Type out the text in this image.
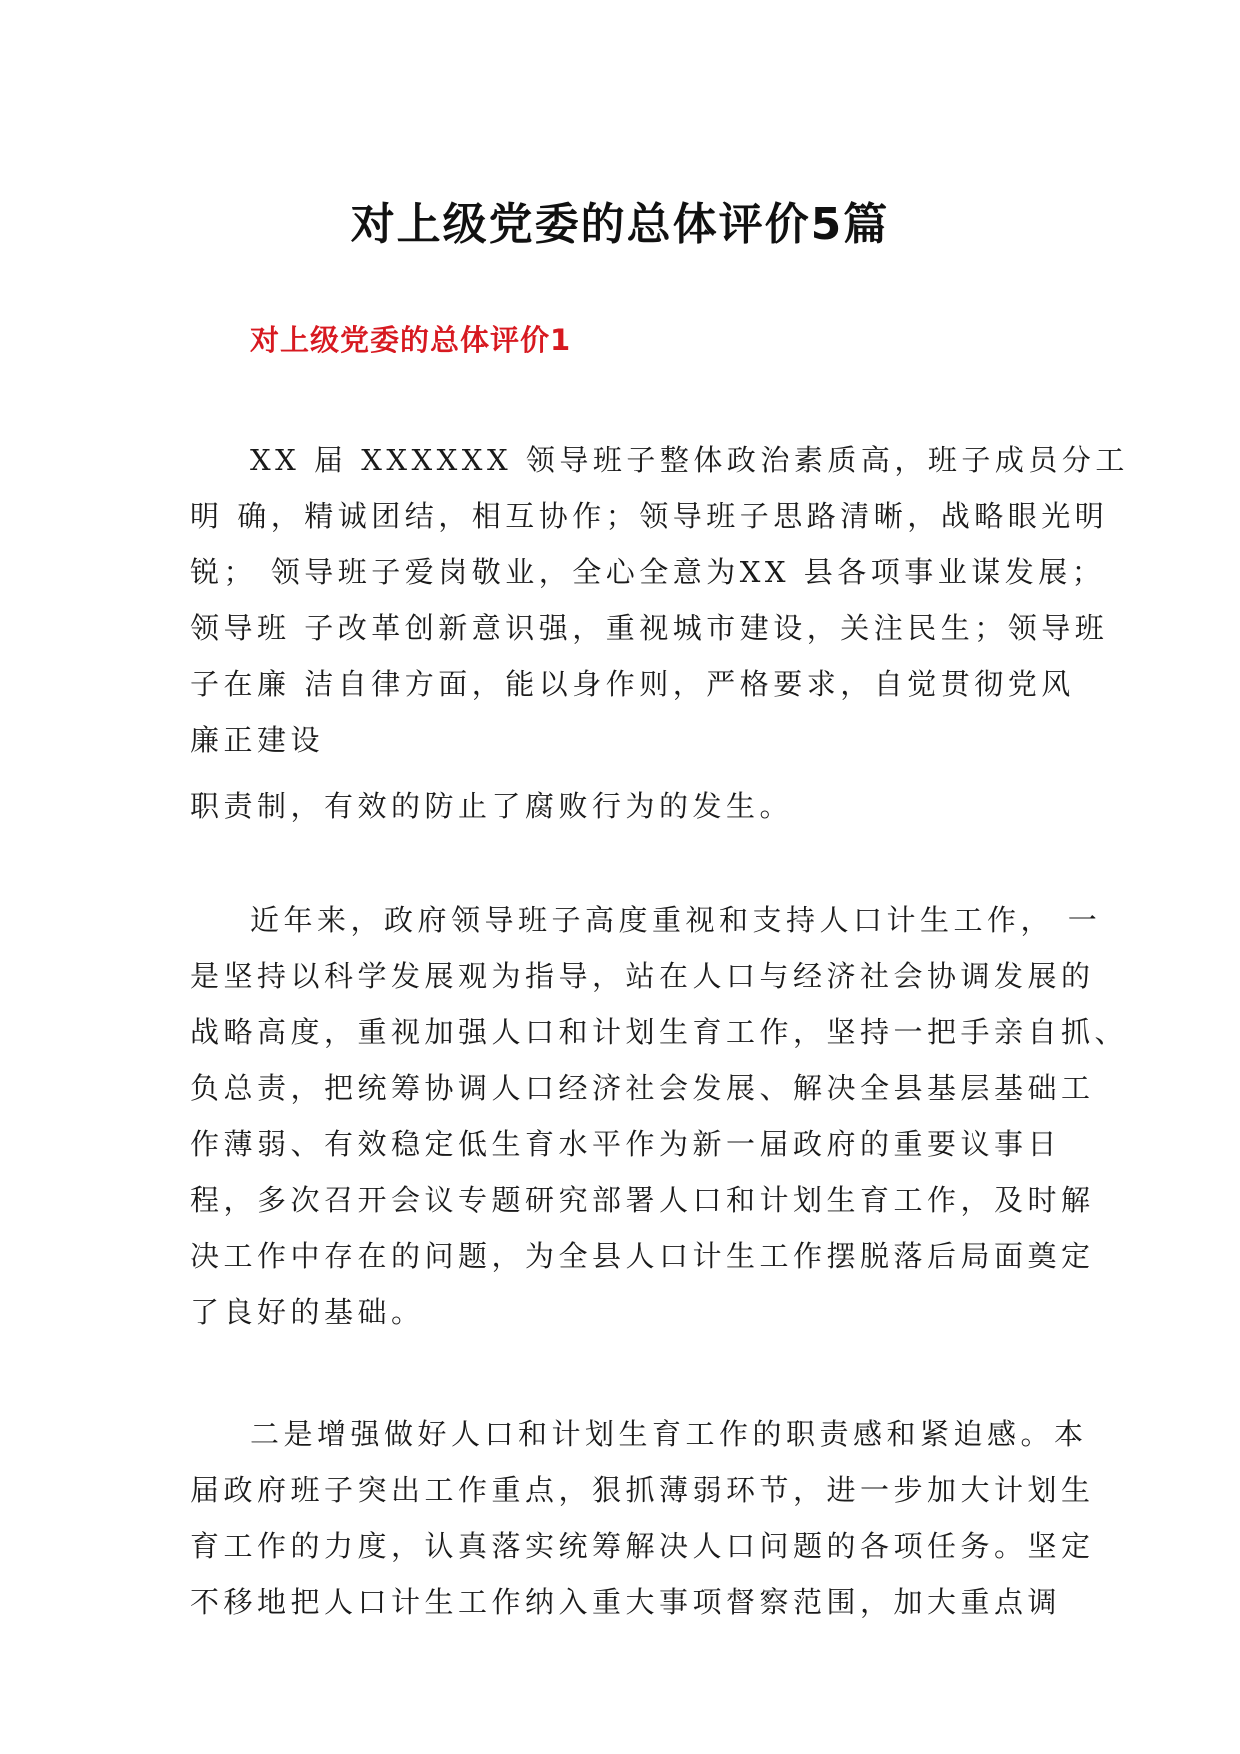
对上级党委的总体评价5篇
对上级党委的总体评价1
XX 届 XXXXXX 领导班子整体政治素质高，班子成员分工
明 确，精诚团结，相互协作；领导班子思路清晰，战略眼光明
锐； 领导班子爱岗敬业，全心全意为XX 县各项事业谋发展；
领导班 子改革创新意识强，重视城市建设，关注民生；领导班
子在廉 洁自律方面，能以身作则，严格要求，自觉贯彻党风
廉正建设
职责制，有效的防止了腐败行为的发生。
近年来，政府领导班子高度重视和支持人口计生工作， 一
是坚持以科学发展观为指导，站在人口与经济社会协调发展的
战略高度，重视加强人口和计划生育工作，坚持一把手亲自抓、
负总责，把统筹协调人口经济社会发展、解决全县基层基础工
作薄弱、有效稳定低生育水平作为新一届政府的重要议事日
程，多次召开会议专题研究部署人口和计划生育工作，及时解
决工作中存在的问题，为全县人口计生工作摆脱落后局面奠定
了良好的基础。
二是增强做好人口和计划生育工作的职责感和紧迫感。本
届政府班子突出工作重点，狠抓薄弱环节，进一步加大计划生
育工作的力度，认真落实统筹解决人口问题的各项任务。坚定
不移地把人口计生工作纳入重大事项督察范围，加大重点调
